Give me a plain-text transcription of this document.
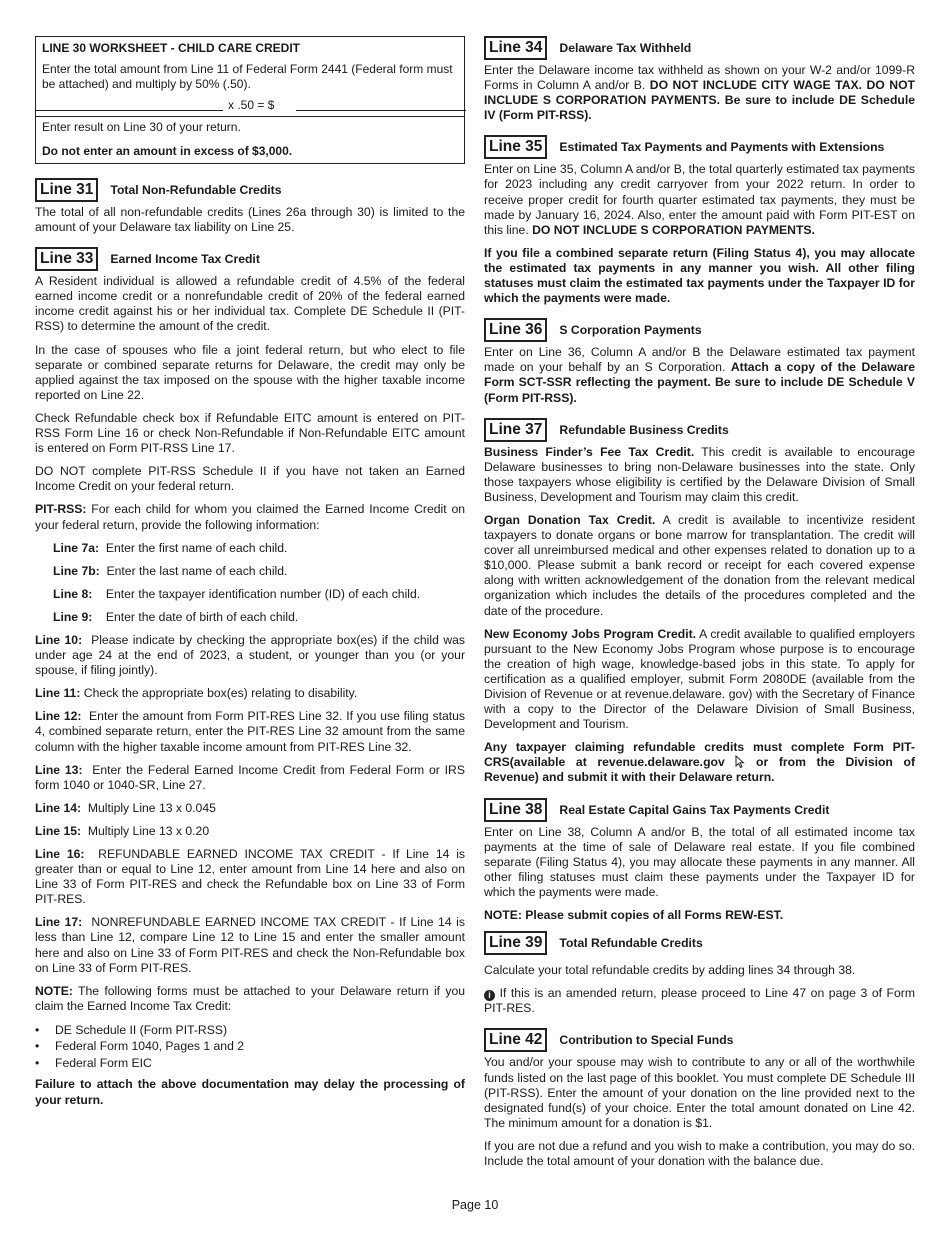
LINE 30 WORKSHEET - CHILD CARE CREDIT
Enter the total amount from Line 11 of Federal Form 2441 (Federal form must be attached) and multiply by 50% (.50).
x .50 = $
Enter result on Line 30 of your return.
Do not enter an amount in excess of $3,000.
Line 31	Total Non-Refundable Credits

The total of all non-refundable credits (Lines 26a through 30) is limited to the amount of your Delaware tax liability on Line 25.

Line 33	Earned Income Tax Credit

A Resident individual is allowed a refundable credit of 4.5% of the federal earned income credit or a nonrefundable credit of 20% of the federal earned income credit against his or her individual tax. Complete DE Schedule II (PIT-RSS) to determine the amount of the credit.

In the case of spouses who file a joint federal return, but who elect to file separate or combined separate returns for Delaware, the credit may only be applied against the tax imposed on the spouse with the higher taxable income reported on Line 22.

Check Refundable check box if Refundable EITC amount is entered on PIT-RSS Form Line 16 or check Non-Refundable if Non-Refundable EITC amount is entered on Form PIT-RSS Line 17.

DO NOT complete PIT-RSS Schedule II if you have not taken an Earned Income Credit on your federal return.

PIT-RSS: For each child for whom you claimed the Earned Income Credit on your federal return, provide the following information:

Line 7a: Enter the first name of each child.

Line 7b: Enter the last name of each child.

Line 8: Enter the taxpayer identification number (ID) of each child.

Line 9: Enter the date of birth of each child.

Line 10: Please indicate by checking the appropriate box(es) if the child was under age 24 at the end of 2023, a student, or younger than you (or your spouse, if filing jointly).

Line 11: Check the appropriate box(es) relating to disability.

Line 12: Enter the amount from Form PIT-RES Line 32. If you use filing status 4, combined separate return, enter the PIT-RES Line 32 amount from the same column with the higher taxable income amount from PIT-RES Line 32.

Line 13: Enter the Federal Earned Income Credit from Federal Form or IRS form 1040 or 1040-SR, Line 27.

Line 14: Multiply Line 13 x 0.045

Line 15: Multiply Line 13 x 0.20

Line 16: REFUNDABLE EARNED INCOME TAX CREDIT - If Line 14 is greater than or equal to Line 12, enter amount from Line 14 here and also on Line 33 of Form PIT-RES and check the Refundable box on Line 33 of Form PIT-RES.

Line 17: NONREFUNDABLE EARNED INCOME TAX CREDIT - If Line 14 is less than Line 12, compare Line 12 to Line 15 and enter the smaller amount here and also on Line 33 of Form PIT-RES and check the Non-Refundable box on Line 33 of Form PIT-RES.

NOTE: The following forms must be attached to your Delaware return if you claim the Earned Income Tax Credit:

• DE Schedule II (Form PIT-RSS)
• Federal Form 1040, Pages 1 and 2
• Federal Form EIC

Failure to attach the above documentation may delay the processing of your return.

Line 34	Delaware Tax Withheld

Enter the Delaware income tax withheld as shown on your W-2 and/or 1099-R Forms in Column A and/or B. DO NOT INCLUDE CITY WAGE TAX. DO NOT INCLUDE S CORPORATION PAYMENTS. Be sure to include DE Schedule IV (Form PIT-RSS).

Line 35	Estimated Tax Payments and Payments with Extensions

Enter on Line 35, Column A and/or B, the total quarterly estimated tax payments for 2023 including any credit carryover from your 2022 return. In order to receive proper credit for fourth quarter estimated tax payments, they must be made by January 16, 2024. Also, enter the amount paid with Form PIT-EST on this line. DO NOT INCLUDE S CORPORATION PAYMENTS.

If you file a combined separate return (Filing Status 4), you may allocate the estimated tax payments in any manner you wish. All other filing statuses must claim the estimated tax payments under the Taxpayer ID for which the payments were made.

Line 36	S Corporation Payments

Enter on Line 36, Column A and/or B the Delaware estimated tax payment made on your behalf by an S Corporation. Attach a copy of the Delaware Form SCT-SSR reflecting the payment. Be sure to include DE Schedule V (Form PIT-RSS).

Line 37	Refundable Business Credits

Business Finder’s Fee Tax Credit. This credit is available to encourage Delaware businesses to bring non-Delaware businesses into the state. Only those taxpayers whose eligibility is certified by the Delaware Division of Small Business, Development and Tourism may claim this credit.

Organ Donation Tax Credit. A credit is available to incentivize resident taxpayers to donate organs or bone marrow for transplantation. The credit will cover all unreimbursed medical and other expenses related to donation up to a $10,000. Please submit a bank record or receipt for each covered expense along with written acknowledgement of the donation from the relevant medical organization which includes the details of the procedures completed and the date of the procedure.

New Economy Jobs Program Credit. A credit available to qualified employers pursuant to the New Economy Jobs Program whose purpose is to encourage the creation of high wage, knowledge-based jobs in this state. To apply for certification as a qualified employer, submit Form 2080DE (available from the Division of Revenue or at revenue.delaware. gov) with the Secretary of Finance with a copy to the Director of the Delaware Division of Small Business, Development and Tourism.

Any taxpayer claiming refundable credits must complete Form PIT-CRS(available at revenue.delaware.gov  or from the Division of Revenue) and submit it with their Delaware return.

Line 38	Real Estate Capital Gains Tax Payments Credit

Enter on Line 38, Column A and/or B, the total of all estimated income tax payments at the time of sale of Delaware real estate. If you file combined separate (Filing Status 4), you may allocate these payments in any manner. All other filing statuses must claim these payments under the Taxpayer ID for which the payments were made.

NOTE: Please submit copies of all Forms REW-EST.

Line 39	Total Refundable Credits

Calculate your total refundable credits by adding lines 34 through 38.

i If this is an amended return, please proceed to Line 47 on page 3 of Form PIT-RES.

Line 42	Contribution to Special Funds

You and/or your spouse may wish to contribute to any or all of the worthwhile funds listed on the last page of this booklet. You must complete DE Schedule III (PIT-RSS). Enter the amount of your donation on the line provided next to the designated fund(s) of your choice. Enter the total amount donated on Line 42. The minimum amount for a donation is $1.

If you are not due a refund and you wish to make a contribution, you may do so. Include the total amount of your donation with the balance due.

Page 10
